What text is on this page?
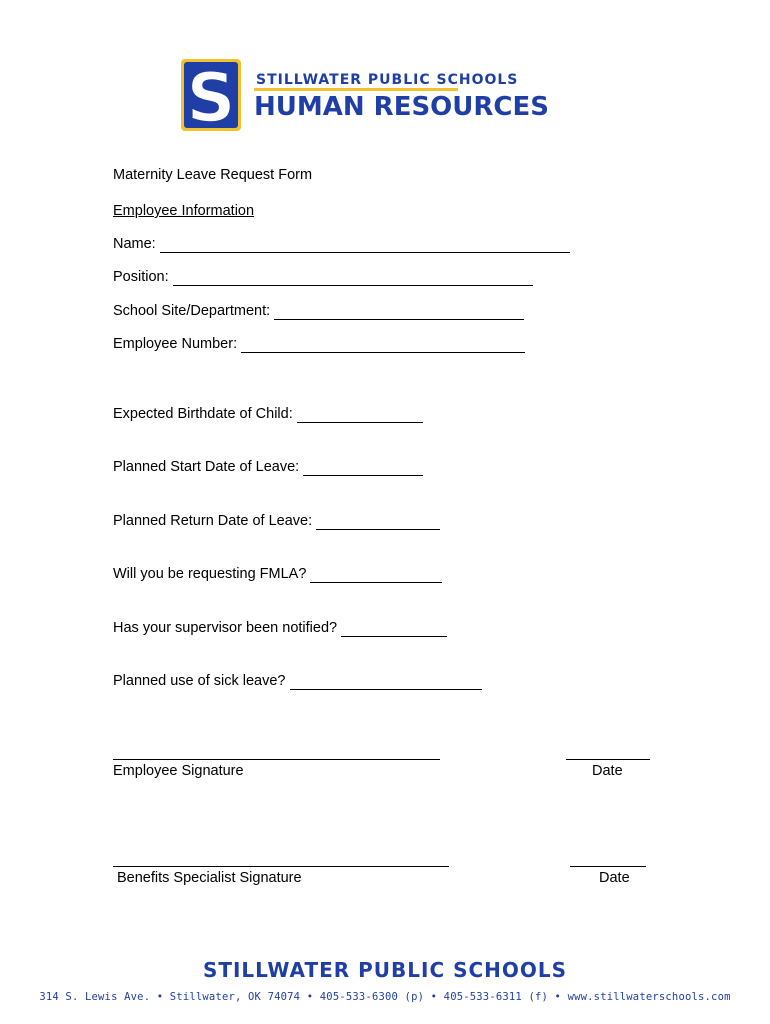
S STILLWATER PUBLIC SCHOOLS
HUMAN RESOURCES
Maternity Leave Request Form
Employee Information
Name:
Position:
School Site/Department:
Employee Number:
Expected Birthdate of Child:
Planned Start Date of Leave:
Planned Return Date of Leave:
Will you be requesting FMLA?
Has your supervisor been notified?
Planned use of sick leave?
Employee Signature	Date
Benefits Specialist Signature	Date
STILLWATER PUBLIC SCHOOLS
314 S. Lewis Ave. • Stillwater, OK 74074 • 405-533-6300 (p) • 405-533-6311 (f) • www.stillwaterschools.com
